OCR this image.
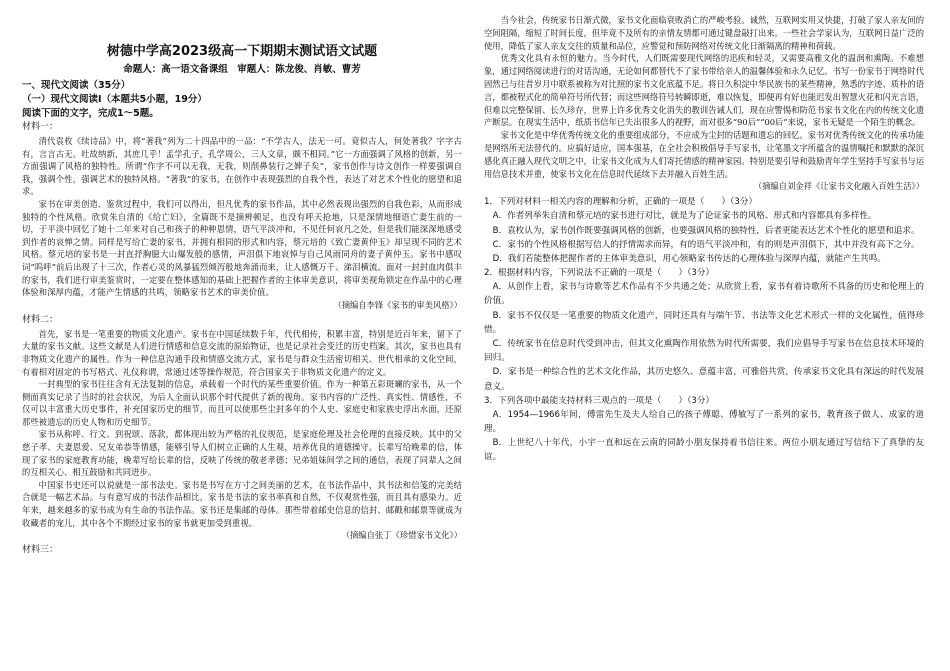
树德中学高2023级高一下期期末测试语文试题
命题人：高一语文备课组　审题人：陈龙俊、肖敏、曹芳
一、现代文阅读（35分）
（一）现代文阅读Ⅰ（本题共5小题，19分）
阅读下面的文字，完成1～5题。
材料一：

清代袁枚《续诗品》中，将“著我”列为二十四品中的一品：“不学古人，法无一可。竟似古人，何处著我？字字古有，言言古无。吐故纳新，其庶几乎！孟学孔子，孔学周公，三人文章，颇不相同。”它一方面强调了风格的创新，另一方面强调了风格的独特性。所谓“作字不可以无我，无我，则削鼻装行之婢子矣”，家书创作与诗文创作一样要强调自我，强调个性，强调艺术的独特风格。“著我”的家书，在创作中表现强烈的自我个性，表达了对艺术个性化的愿望和追求。

家书在审美创造、鉴赏过程中，我们可以得出，但凡优秀的家书作品，其中必然表现出强烈的自我色彩，从而形成独特的个性风格。欣赏朱自清的《给亡妇》，全篇既不是摘辨顿足，也没有呼天抢地，只是深情地细语亡妻生前的一切，于平淡中回忆了她十二年来对自己和孩子的种种恩情，语气平淡冲和，不见任何哀凡之处，但是我们能深深地感受到作者的哀惮之情。同样是写给亡妻的家书，并拥有相同的形式和内容，蔡元培的《致亡妻黄仲玉》却呈现不同的艺术风格。蔡元培的家书是一封直抒胸臆大山爆发般的感情，声泪俱下地哀悼与自己风雨同舟的妻子黄仲玉。家书中感叹词“呜呼”前后出现了十三次，作者心灵的风暴猛烈倾泻般地奔涌而来，让人感慨万千、涕泪横流。面对一封封血肉俱丰的家书，我们进行审美鉴赏时，一定要在整体感知的基础上把握作者的主体审美意识，将审美视角锁定在作品中的心理体验和深厚内蕴，才能产生情感的共鸣，领略家书艺术的审美价值。

（摘编自李锋《家书的审美风格》）
材料二：

首先，家书是一笔重要的物质文化遗产。家书在中国延续数千年，代代相传，积累丰富，特别是近百年来，留下了大量的家书文献。这些文献是人们进行情感和信息交流的原始物证，也是记录社会变迁的历史档案。其次，家书也具有非物质文化遗产的属性。作为一种信息沟通手段和情感交流方式，家书是与群众生活密切相关、世代相承的文化空间，有着相对固定的书写格式、礼仪称谓，常通过述等操作规范，符合国家关于非物质文化遗产的定义。

一封典型的家书往往含有无法复制的信息，承载着一个时代的某些重要价值。作为一种第五彩斑斓的家书，从一个侧面真实记录了当时的社会状况，为后人全面认识那个时代提供了新的视角。家书内容的广泛性、真实性、情感性，不仅可以丰富重大历史事件，补充国家历史的细节，而且可以使那些尘封多年的个人史、家庭史和家族史浮出水面，还原那些被遗忘的历史人物和历史细节。

家书从称呼、行文、到祝颂、落款，都体现出较为严格的礼仪规范，是家庭伦理及社会伦理的直接反映。其中的父慈子孝、夫妻恩爱、兄友弟恭等情感，能够引导人们树立正确的人生观，培养优良的道德操守。长辈写给晚辈的信，体现了家书的家庭教育功能，晚辈写给长辈的信，反映了传统的敬老孝德；兄弟姐妹间学之间的通信，表现了同辈人之间的互相关心、相互鼓励和共同进步。

中国家书史还可以说就是一部书法史。家书是书写在方寸之间美丽的艺术，在书法作品中，其书法和信笺的完美结合就是一幅艺术品。与有意写成的书法作品相比，家书是书法的家书率真和自然，不仅观赏性强，而且具有感染力。近年来，越来越多的家书成为有生命的书法作品。家书还是集邮的母体。那些带着邮史信息的信封、邮戳和邮票等就成为收藏者的宠儿，其中各个不期经过家书的家书就更加受到重视。

（摘编自张丁《珍惜家书文化》）
材料三：

当今社会，传统家书日渐式微，家书文化面临衰败消亡的严峻考验。诚然，互联网实用又快捷，打破了家人亲友间的空间阻隔，缩短了时间长度，但毕竟不及所有的亲情友情都可通过键盘敲打出来。一些社会学家认为，互联网日益广泛的使用，降低了家人亲友交往的质量和品位，应警觉和预防网络对传统文化日渐隔离的精神和荷载。

优秀文化具有永恒的魅力。当今时代，人们既需要现代网络的迅疾和轻灵，又需要高雅文化的温润和熏陶。不难想象，通过网络阅读进行的对话沟通，无论如何都替代不了家书带给亲人的温馨体验和永久记忆。书写一份家书于网络时代固然已与往昔岁月中联系被称为对比照的家书文化底蕴不足。将日久积淀中华民族书的某些精神，熟悉的字迹、质朴的语言，都被程式化的简单符号所代替；而这些网络符号转瞬即逝，难以恢复，即便再有好也能迟发出智慧火花和闪光言语，但难以完整保留、长久珍存，世界上许多优秀文化消失的教训告诫人们，现在应警惕和防范书家书文化在内的传统文化遗产断层。在现实生活中，纸质书信年已失出很多人的视野，而对很多“90后”“00后”来说，家书无疑是一个陌生的概念。

家书文化是中华优秀传统文化的重要组成部分，不应成为尘封的话题和遗忘的回忆。家书对优秀传统文化的传承功能是网络所无法替代的。应搞好适应，国本强基，在全社会积极倡导手写家书，让笔墨文字所蕴含的温情嘱托和默默的深沉感化真正融入现代文明之中，让家书文化成为人们寄托情感的精神家园。特别是要引导和鼓励青年学生坚持手写家书与运用信息技术并重，使家书文化在信息时代延续下去并融入百姓生活。

（摘编自刘金祥《让家书文化融入百姓生活》）
1．下列对材料一相关内容的理解和分析，正确的一项是（　　）（3分）
A．作者列举朱自清和蔡元培的家书进行对比，就是为了论证家书的风格、形式和内容都具有多样性。
B．袁枚认为，家书创作既要强调风格的创新，也要强调风格的独特性，后者更能表达艺术个性化的愿望和追求。
C．家书的个性风格根据写信人的抒情需求而异，有的语气平淡冲和，有的则是声泪俱下，其中并没有高下之分。
D．我们若能整体把握作者的主体审美意识，用心领略家书传达的心理体验与深厚内蕴，就能产生共鸣。
2．根据材料内容，下列说法不正确的一项是（　　）（3分）
A．从创作上看，家书与诗歌等艺术作品有不少共通之处；从欣赏上看，家书有着诗歌所不具备的历史和伦理上的价值。
B．家书不仅仅是一笔重要的物质文化遗产，同时还具有与端午节、书法等文化艺术形式一样的文化属性，值得珍惜。
C．传统家书在信息时代受到冲击，但其文化熏陶作用依然为时代所需要，我们应倡导手写家书在信息技术环境的回归。
D．家书是一种综合性的艺术文化作品，其历史悠久、意蕴丰富，可雅俗共赏，传承家书文化具有深远的时代发展意义。
3．下列各项中最能支持材料三观点的一项是（　　）（3分）
A．1954—1966年间，傅雷先生及夫人给自己的孩子傅聪、傅敏写了一系列的家书，教育孩子做人、成家的道理。
B．上世纪八十年代，小宇一直和远在云南的同龄小朋友保持着书信往来。两位小朋友通过写信结下了真挚的友谊。
